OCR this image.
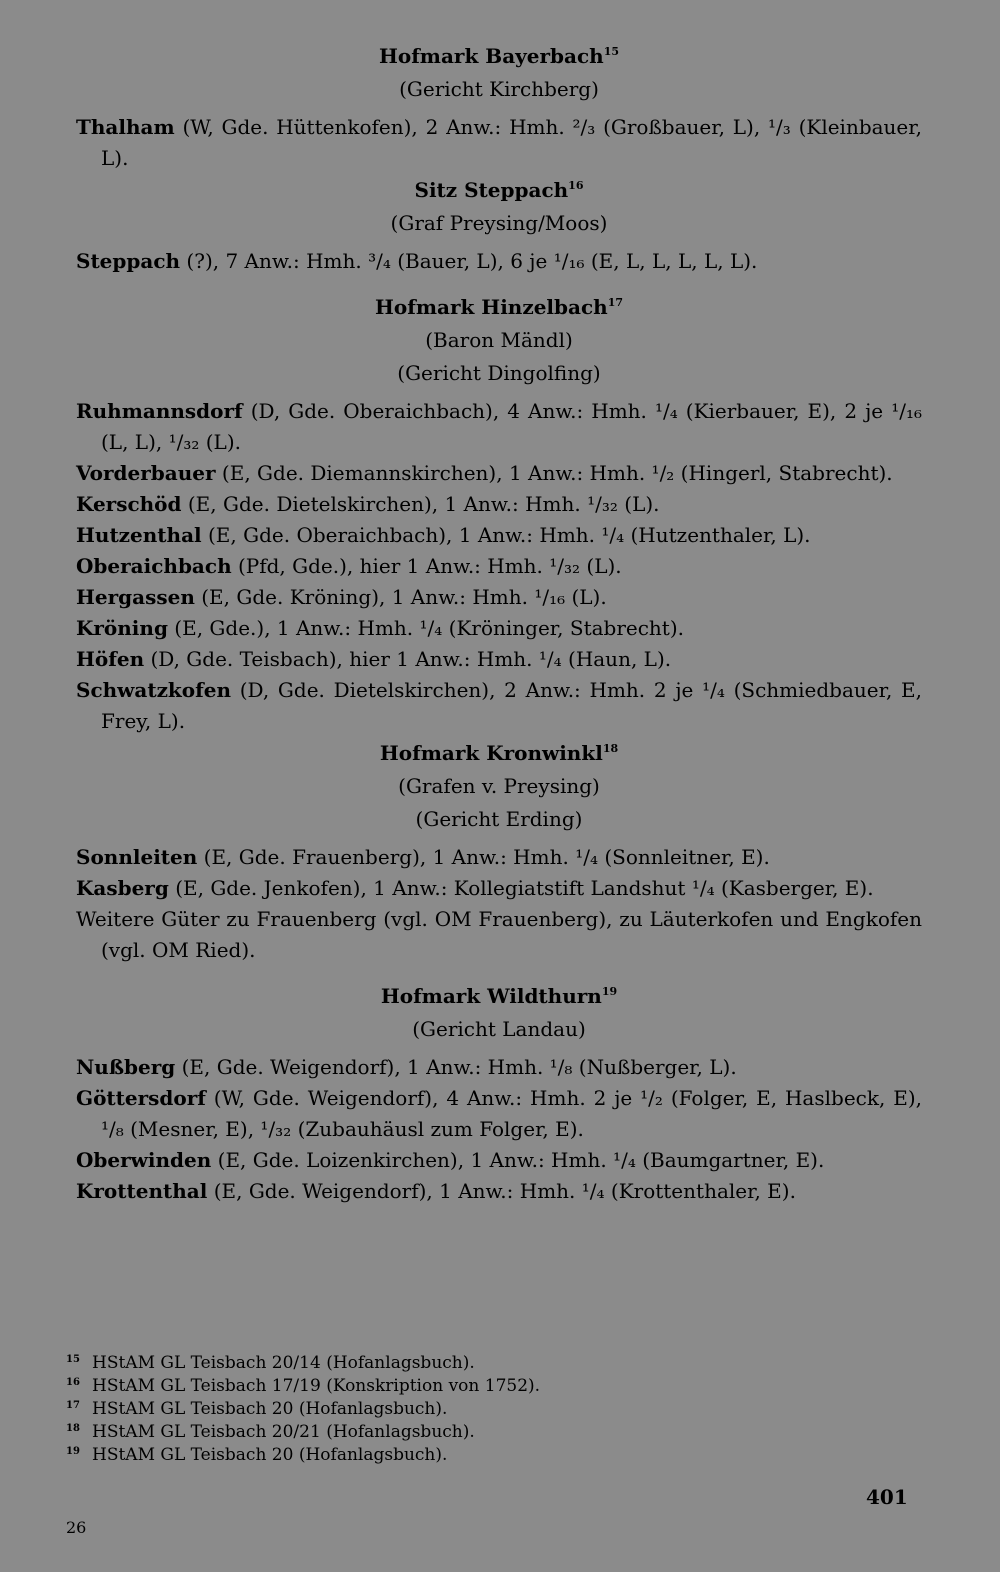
Hofmark Bayerbach$^{15}$
(Gericht Kirchberg)
Thalham (W, Gde. Hüttenkofen), 2 Anw.: Hmh. ²/₃ (Großbauer, L), ¹/₃ (Kleinbauer, L).
Sitz Steppach$^{16}$
(Graf Preysing/Moos)
Steppach (?), 7 Anw.: Hmh. ³/₄ (Bauer, L), 6 je ¹/₁₆ (E, L, L, L, L, L).
Hofmark Hinzelbach$^{17}$
(Baron Mändl)
(Gericht Dingolfing)
Ruhmannsdorf (D, Gde. Oberaichbach), 4 Anw.: Hmh. ¹/₄ (Kierbauer, E), 2 je ¹/₁₆ (L, L), ¹/₃₂ (L).
Vorderbauer (E, Gde. Diemannskirchen), 1 Anw.: Hmh. ¹/₂ (Hingerl, Stabrecht).
Kerschöd (E, Gde. Dietelskirchen), 1 Anw.: Hmh. ¹/₃₂ (L).
Hutzenthal (E, Gde. Oberaichbach), 1 Anw.: Hmh. ¹/₄ (Hutzenthaler, L).
Oberaichbach (Pfd, Gde.), hier 1 Anw.: Hmh. ¹/₃₂ (L).
Hergassen (E, Gde. Kröning), 1 Anw.: Hmh. ¹/₁₆ (L).
Kröning (E, Gde.), 1 Anw.: Hmh. ¹/₄ (Kröninger, Stabrecht).
Höfen (D, Gde. Teisbach), hier 1 Anw.: Hmh. ¹/₄ (Haun, L).
Schwatzkofen (D, Gde. Dietelskirchen), 2 Anw.: Hmh. 2 je ¹/₄ (Schmiedbauer, E, Frey, L).
Hofmark Kronwinkl$^{18}$
(Grafen v. Preysing)
(Gericht Erding)
Sonnleiten (E, Gde. Frauenberg), 1 Anw.: Hmh. ¹/₄ (Sonnleitner, E).
Kasberg (E, Gde. Jenkofen), 1 Anw.: Kollegiatstift Landshut ¹/₄ (Kasberger, E).
Weitere Güter zu Frauenberg (vgl. OM Frauenberg), zu Läuterkofen und Engkofen (vgl. OM Ried).
Hofmark Wildthurn$^{19}$
(Gericht Landau)
Nußberg (E, Gde. Weigendorf), 1 Anw.: Hmh. ¹/₈ (Nußberger, L).
Göttersdorf (W, Gde. Weigendorf), 4 Anw.: Hmh. 2 je ¹/₂ (Folger, E, Haslbeck, E), ¹/₈ (Mesner, E), ¹/₃₂ (Zubauhäusl zum Folger, E).
Oberwinden (E, Gde. Loizenkirchen), 1 Anw.: Hmh. ¹/₄ (Baumgartner, E).
Krottenthal (E, Gde. Weigendorf), 1 Anw.: Hmh. ¹/₄ (Krottenthaler, E).
$^{15}$ HStAM GL Teisbach 20/14 (Hofanlagsbuch).
$^{16}$ HStAM GL Teisbach 17/19 (Konskription von 1752).
$^{17}$ HStAM GL Teisbach 20 (Hofanlagsbuch).
$^{18}$ HStAM GL Teisbach 20/21 (Hofanlagsbuch).
$^{19}$ HStAM GL Teisbach 20 (Hofanlagsbuch).
401
26
